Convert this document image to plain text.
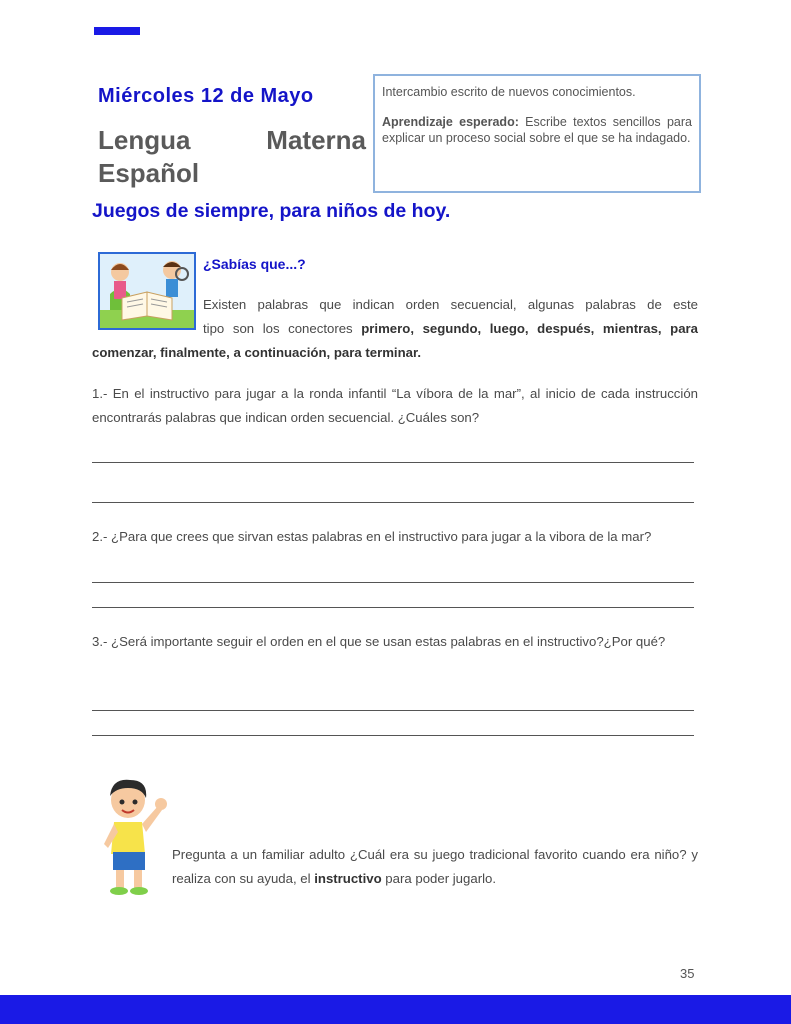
Miércoles 12 de Mayo
Lengua Materna
Español

Intercambio escrito de nuevos conocimientos.

Aprendizaje esperado: Escribe textos sencillos para explicar un proceso social sobre el que se ha indagado.

Juegos de siempre, para niños de hoy.
¿Sabías que...?
Existen palabras que indican orden secuencial, algunas palabras de este
tipo son los conectores primero, segundo, luego, después, mientras, para
comenzar, finalmente, a continuación, para terminar.
1.- En el instructivo para jugar a la ronda infantil “La víbora de la mar”, al inicio de cada instrucción encontrarás palabras que indican orden secuencial. ¿Cuáles son?
2.- ¿Para que crees que sirvan estas palabras en el instructivo para jugar a la vibora de la mar?
3.- ¿Será importante seguir el orden en el que se usan estas palabras en el instructivo?¿Por qué?
Pregunta a un familiar adulto ¿Cuál era su juego tradicional favorito cuando era niño? y realiza con su ayuda, el instructivo para poder jugarlo.
35
